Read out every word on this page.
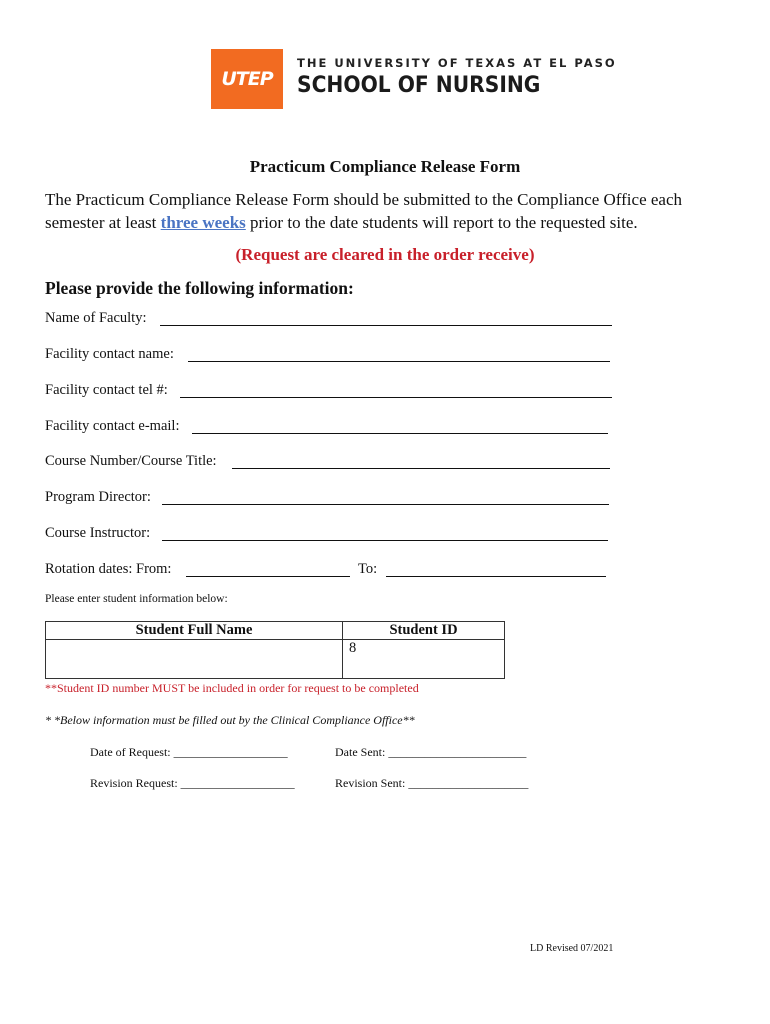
UTEP
THE UNIVERSITY OF TEXAS AT EL PASO
SCHOOL OF NURSING
Practicum Compliance Release Form
The Practicum Compliance Release Form should be submitted to the Compliance Office each semester at least three weeks prior to the date students will report to the requested site.
(Request are cleared in the order receive)
Please provide the following information:
Name of Faculty:
Facility contact name:
Facility contact tel #:
Facility contact e-mail:
Course Number/Course Title:
Program Director:
Course Instructor:
Rotation dates: From:	To:
Please enter student information below:
Student Full Name	Student ID
	8
**Student ID number MUST be included in order for request to be completed
* *Below information must be filled out by the Clinical Compliance Office**
Date of Request: ___________________	Date Sent: _______________________
Revision Request: ___________________	Revision Sent: ____________________
LD Revised 07/2021
